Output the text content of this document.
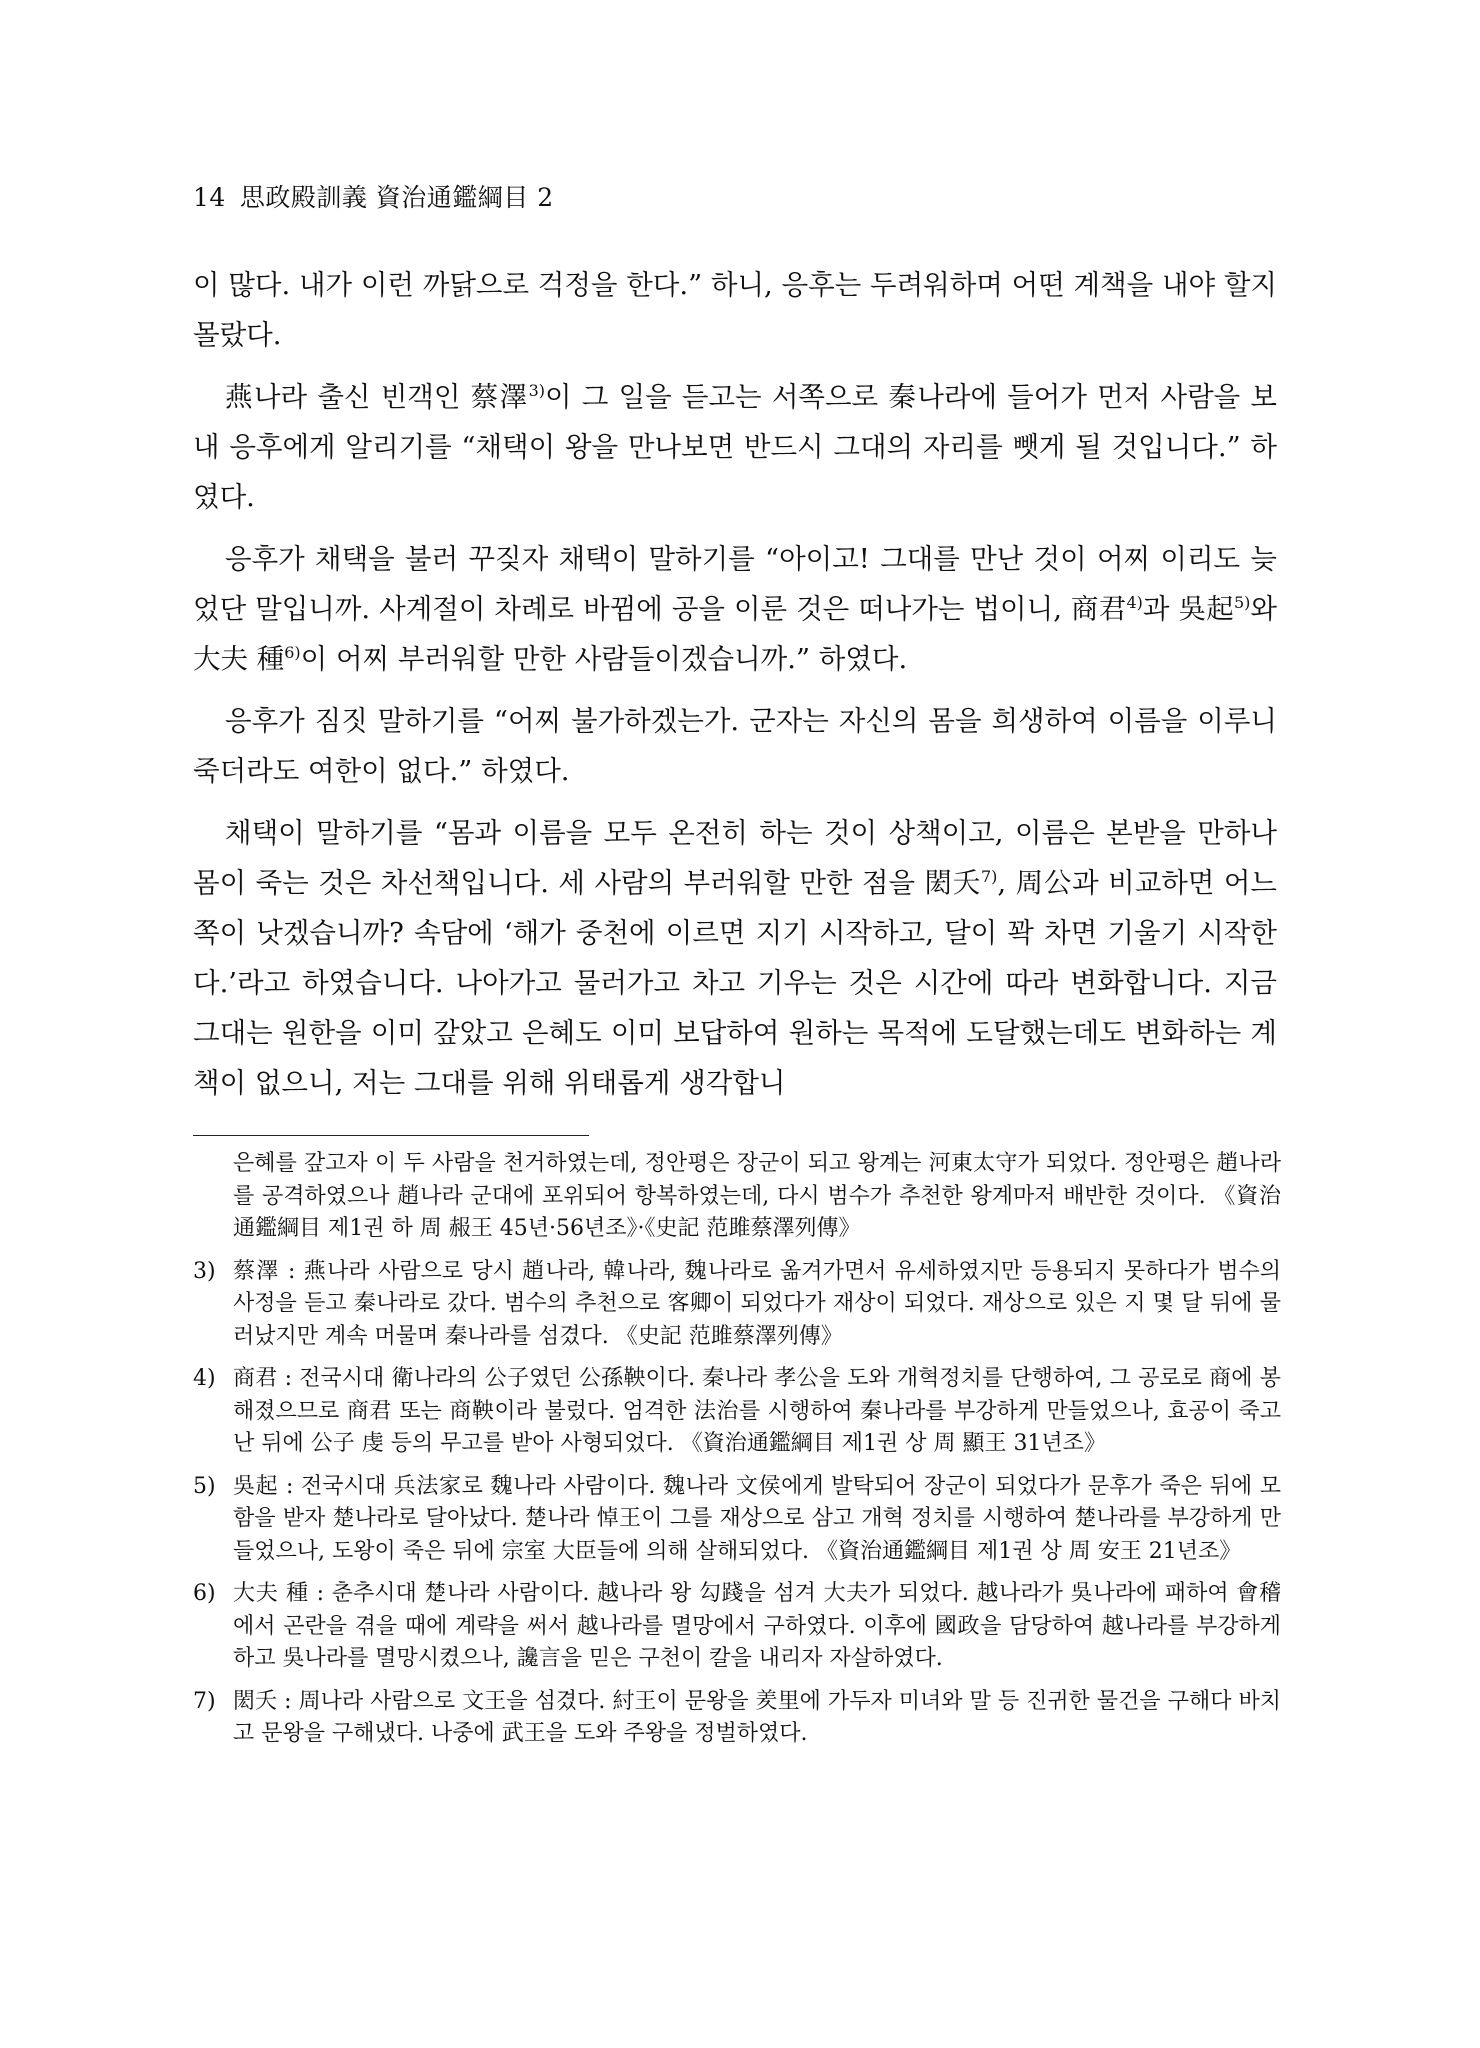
14 思政殿訓義 資治通鑑綱目 2

이 많다. 내가 이런 까닭으로 걱정을 한다.” 하니, 응후는 두려워하며 어떤 계책을 내야 할지 몰랐다.

燕나라 출신 빈객인 蔡澤$^{3)}$이 그 일을 듣고는 서쪽으로 秦나라에 들어가 먼저 사람을 보내 응후에게 알리기를 “채택이 왕을 만나보면 반드시 그대의 자리를 뺏게 될 것입니다.” 하였다.

응후가 채택을 불러 꾸짖자 채택이 말하기를 “아이고! 그대를 만난 것이 어찌 이리도 늦었단 말입니까. 사계절이 차례로 바뀜에 공을 이룬 것은 떠나가는 법이니, 商君$^{4)}$과 吳起$^{5)}$와 大夫 種$^{6)}$이 어찌 부러워할 만한 사람들이겠습니까.” 하였다.

응후가 짐짓 말하기를 “어찌 불가하겠는가. 군자는 자신의 몸을 희생하여 이름을 이루니 죽더라도 여한이 없다.” 하였다.

채택이 말하기를 “몸과 이름을 모두 온전히 하는 것이 상책이고, 이름은 본받을 만하나 몸이 죽는 것은 차선책입니다. 세 사람의 부러워할 만한 점을 閎夭$^{7)}$, 周公과 비교하면 어느 쪽이 낫겠습니까? 속담에 ‘해가 중천에 이르면 지기 시작하고, 달이 꽉 차면 기울기 시작한다.’라고 하였습니다. 나아가고 물러가고 차고 기우는 것은 시간에 따라 변화합니다. 지금 그대는 원한을 이미 갚았고 은혜도 이미 보답하여 원하는 목적에 도달했는데도 변화하는 계책이 없으니, 저는 그대를 위해 위태롭게 생각합니

은혜를 갚고자 이 두 사람을 천거하였는데, 정안평은 장군이 되고 왕계는 河東太守가 되었다. 정안평은 趙나라를 공격하였으나 趙나라 군대에 포위되어 항복하였는데, 다시 범수가 추천한 왕계마저 배반한 것이다. 《資治通鑑綱目 제1권 하 周 赧王 45년·56년조》·《史記 范雎蔡澤列傳》
3) 蔡澤 : 燕나라 사람으로 당시 趙나라, 韓나라, 魏나라로 옮겨가면서 유세하였지만 등용되지 못하다가 범수의 사정을 듣고 秦나라로 갔다. 범수의 추천으로 客卿이 되었다가 재상이 되었다. 재상으로 있은 지 몇 달 뒤에 물러났지만 계속 머물며 秦나라를 섬겼다. 《史記 范雎蔡澤列傳》
4) 商君 : 전국시대 衛나라의 公子였던 公孫鞅이다. 秦나라 孝公을 도와 개혁정치를 단행하여, 그 공로로 商에 봉해졌으므로 商君 또는 商鞅이라 불렀다. 엄격한 法治를 시행하여 秦나라를 부강하게 만들었으나, 효공이 죽고 난 뒤에 公子 虔 등의 무고를 받아 사형되었다. 《資治通鑑綱目 제1권 상 周 顯王 31년조》
5) 吳起 : 전국시대 兵法家로 魏나라 사람이다. 魏나라 文侯에게 발탁되어 장군이 되었다가 문후가 죽은 뒤에 모함을 받자 楚나라로 달아났다. 楚나라 悼王이 그를 재상으로 삼고 개혁 정치를 시행하여 楚나라를 부강하게 만들었으나, 도왕이 죽은 뒤에 宗室 大臣들에 의해 살해되었다. 《資治通鑑綱目 제1권 상 周 安王 21년조》
6) 大夫 種 : 춘추시대 楚나라 사람이다. 越나라 왕 勾踐을 섬겨 大夫가 되었다. 越나라가 吳나라에 패하여 會稽에서 곤란을 겪을 때에 계략을 써서 越나라를 멸망에서 구하였다. 이후에 國政을 담당하여 越나라를 부강하게 하고 吳나라를 멸망시켰으나, 讒言을 믿은 구천이 칼을 내리자 자살하였다.
7) 閎夭 : 周나라 사람으로 文王을 섬겼다. 紂王이 문왕을 羑里에 가두자 미녀와 말 등 진귀한 물건을 구해다 바치고 문왕을 구해냈다. 나중에 武王을 도와 주왕을 정벌하였다.
